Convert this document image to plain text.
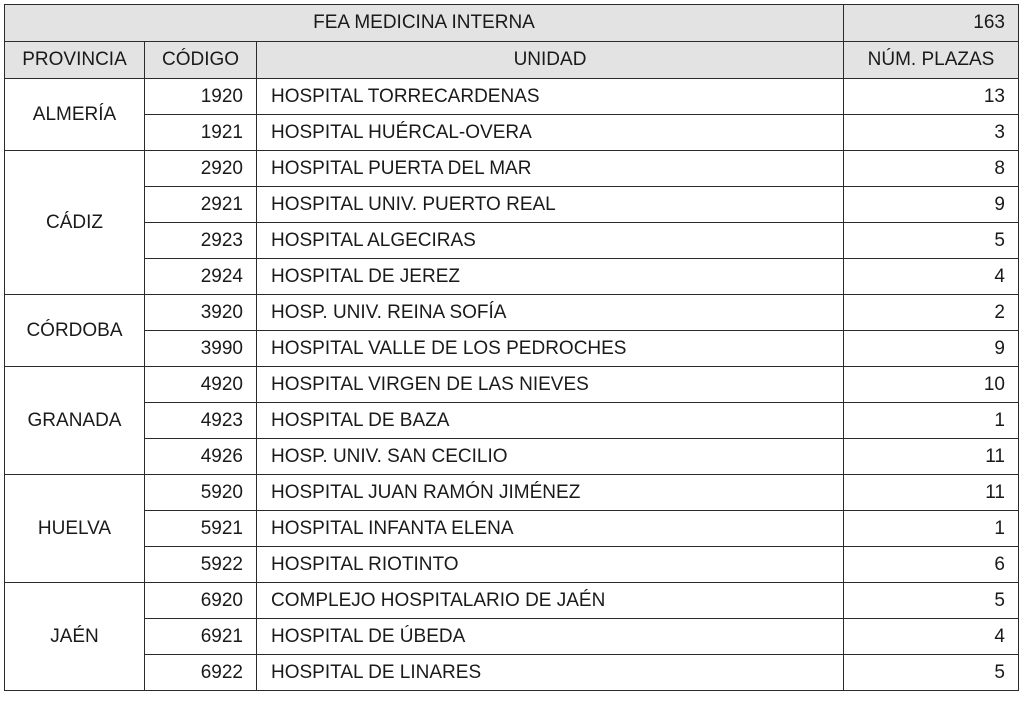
FEA MEDICINA INTERNA			163
PROVINCIA	CÓDIGO	UNIDAD	NÚM. PLAZAS
ALMERÍA	1920	HOSPITAL TORRECARDENAS	13
	1921	HOSPITAL HUÉRCAL-OVERA	3
CÁDIZ	2920	HOSPITAL PUERTA DEL MAR	8
	2921	HOSPITAL UNIV. PUERTO REAL	9
	2923	HOSPITAL ALGECIRAS	5
	2924	HOSPITAL DE JEREZ	4
CÓRDOBA	3920	HOSP. UNIV. REINA SOFÍA	2
	3990	HOSPITAL VALLE DE LOS PEDROCHES	9
GRANADA	4920	HOSPITAL VIRGEN DE LAS NIEVES	10
	4923	HOSPITAL DE BAZA	1
	4926	HOSP. UNIV. SAN CECILIO	11
HUELVA	5920	HOSPITAL JUAN RAMÓN JIMÉNEZ	11
	5921	HOSPITAL INFANTA ELENA	1
	5922	HOSPITAL RIOTINTO	6
JAÉN	6920	COMPLEJO HOSPITALARIO DE JAÉN	5
	6921	HOSPITAL DE ÚBEDA	4
	6922	HOSPITAL DE LINARES	5
